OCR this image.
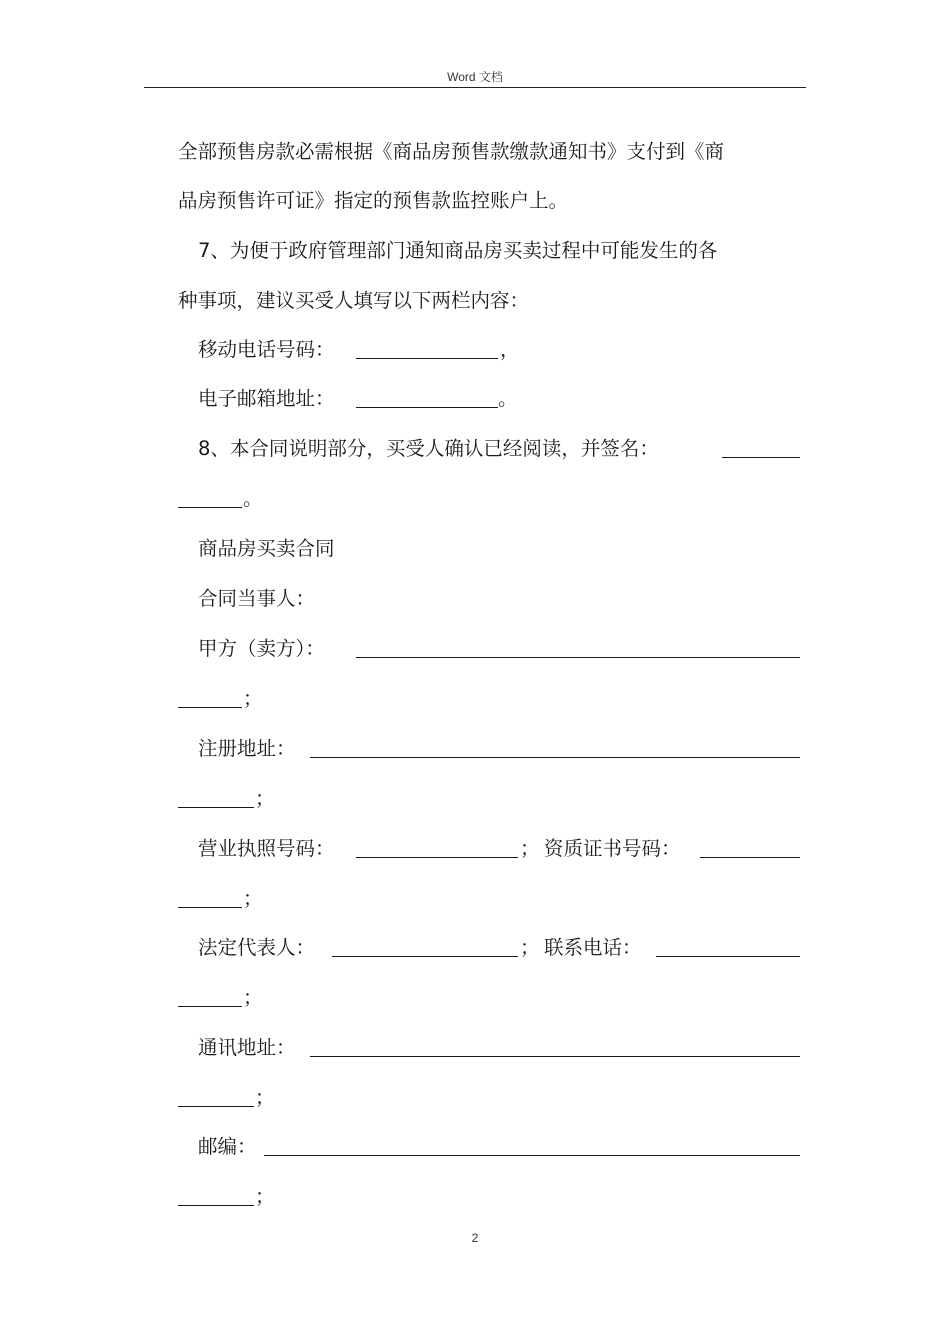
Word 文档
全部预售房款必需根据《商品房预售款缴款通知书》支付到《商
品房预售许可证》指定的预售款监控账户上。
7、为便于政府管理部门通知商品房买卖过程中可能发生的各
种事项，建议买受人填写以下两栏内容：
移动电话号码：	，
电子邮箱地址：	。
8、本合同说明部分，买受人确认已经阅读，并签名：
。
商品房买卖合同
合同当事人：
甲方（卖方）：
；
注册地址：
；
营业执照号码：	； 资质证书号码：
；
法定代表人：	； 联系电话：
；
通讯地址：
；
邮编：
；
2
